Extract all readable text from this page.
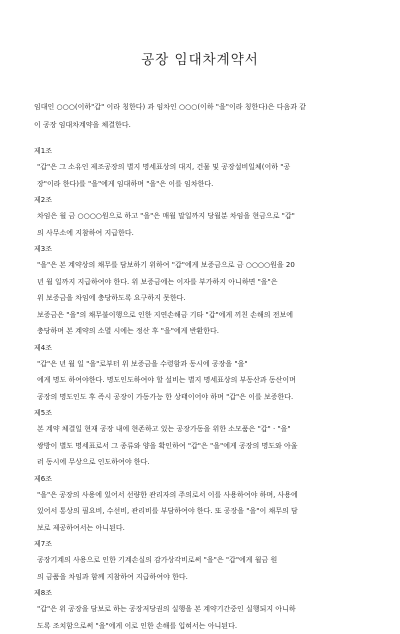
공장 임대차계약서
임대인 ○○○(이하"갑" 이라 칭한다) 과 임차인 ○○○(이하 "을"이라 칭한다)은 다음과 같
이 공장 임대차계약을 체결한다.
제1조
"갑"은 그 소유인 제조공장의 별지 명세표상의 대지, 건물 및 공장설비일체(이하 "공
장"이라 한다)를 "을"에게 임대하며 "을"은 이를 임차한다.
제2조
차임은 월 금 ○○○○원으로 하고 "을"은 매월 말일까지 당월분 차임을 현금으로 "갑"
의 사무소에 지참하여 지급한다.
제3조
"을"은 본 계약상의 채무를 담보하기 위하여 "갑"에게 보증금으로 금 ○○○○원을 20
년 월 일까지 지급하여야 한다. 위 보증금에는 이자를 부가하지 아니하면 "을"은
위 보증금을 차임에 충당하도록 요구하지 못한다.
보증금은 "을"의 채무불이행으로 인한 지연손해금 기타 "갑"에게 끼친 손해의 전보에
충당하며 본 계약의 소멸 시에는 정산 후 "을"에게 반환한다.
제4조
"갑"은 년 월 일 "을"로부터 위 보증금을 수령함과 동시에 공장을 "을"
에게 명도 하여야한다. 명도인도하여야 할 설비는 별지 명세표상의 부동산과 동산이며
공장의 명도인도 후 즉시 공장이 가동가능 한 상태이어야 하며 "갑"은 이를 보증한다.
제5조
본 계약 체결일 현재 공장 내에 현존하고 있는 공장가동을 위한 소모품은 "갑" · "을"
쌍방이 별도 명세표로서 그 종류와 양을 확인하여 "갑"은 "을"에게 공장의 명도와 아울
러 동시에 무상으로 인도하여야 한다.
제6조
"을"은 공장의 사용에 있어서 선량한 관리자의 주의로서 이를 사용하여야 하며, 사용에
있어서 통상의 필요비, 수선비, 관리비를 부담하여야 한다. 또 공장을 "을"이 채무의 담
보로 제공하여서는 아니된다.
제7조
공장기계의 사용으로 인한 기계손실의 감가상각비로써 "을"은 "갑"에게 월금 원
의 금품을 차임과 함께 지참하여 지급하여야 한다.
제8조
"갑"은 위 공장을 담보로 하는 공장저당권의 실행을 본 계약기간중인 실행되지 아니하
도록 조치함으로써 "을"에게 이로 인한 손해를 입혀서는 아니된다.
